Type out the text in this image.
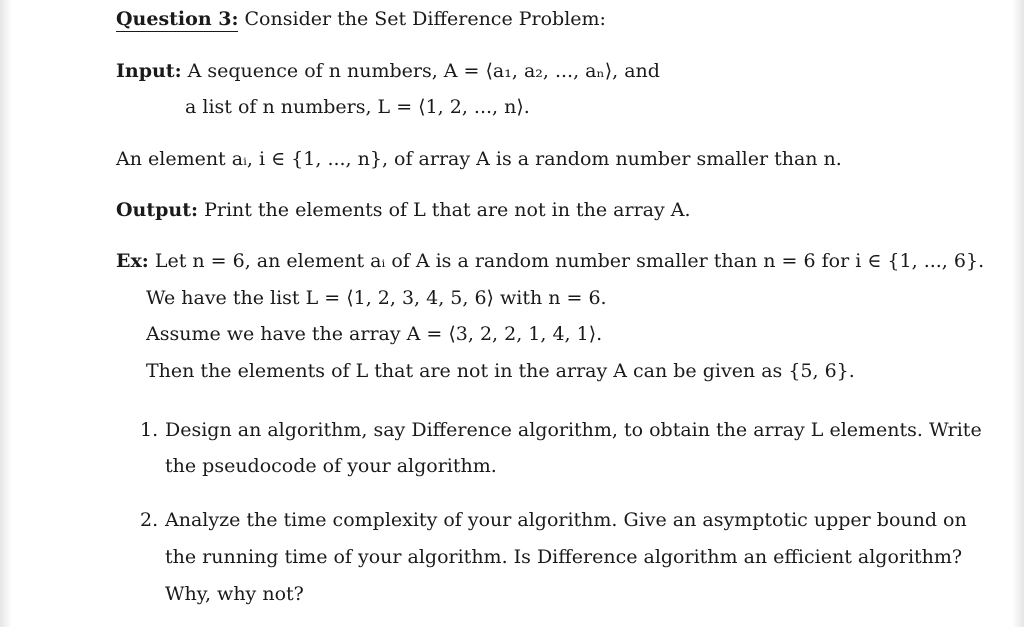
Question 3: Consider the Set Difference Problem:
Input: A sequence of n numbers, A = ⟨a₁, a₂, ..., aₙ⟩, and
a list of n numbers, L = ⟨1, 2, ..., n⟩.
An element aᵢ, i ∈ {1, ..., n}, of array A is a random number smaller than n.
Output: Print the elements of L that are not in the array A.
Ex: Let n = 6, an element aᵢ of A is a random number smaller than n = 6 for i ∈ {1, ..., 6}.
We have the list L = ⟨1, 2, 3, 4, 5, 6⟩ with n = 6.
Assume we have the array A = ⟨3, 2, 2, 1, 4, 1⟩.
Then the elements of L that are not in the array A can be given as {5, 6}.
1. Design an algorithm, say Difference algorithm, to obtain the array L elements. Write
the pseudocode of your algorithm.
2. Analyze the time complexity of your algorithm. Give an asymptotic upper bound on
the running time of your algorithm. Is Difference algorithm an efficient algorithm?
Why, why not?
